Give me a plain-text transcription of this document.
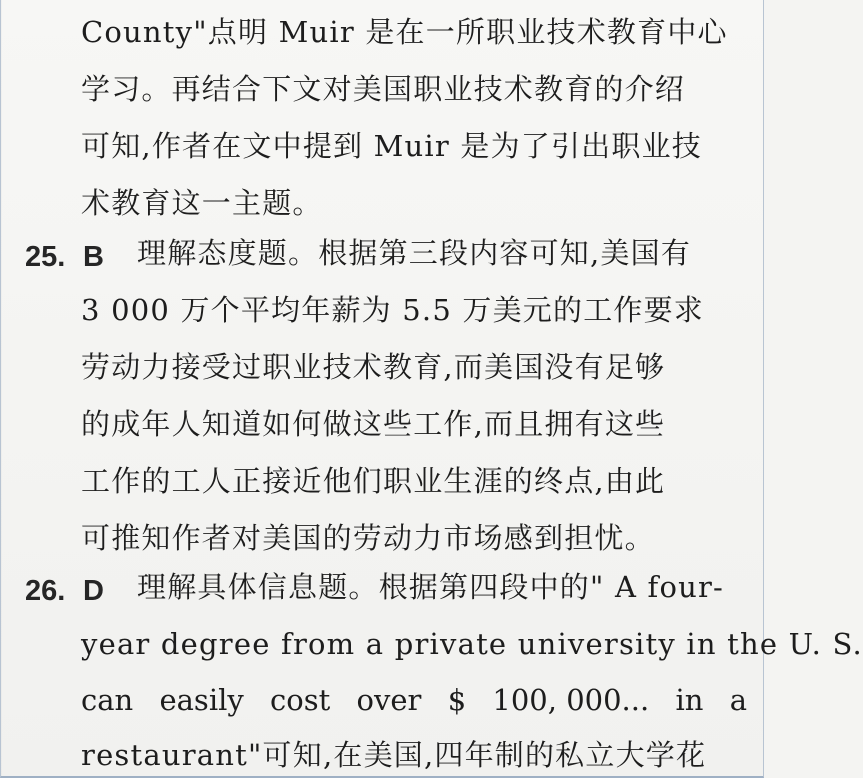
County"点明 Muir 是在一所职业技术教育中心
学习。再结合下文对美国职业技术教育的介绍
可知,作者在文中提到 Muir 是为了引出职业技
术教育这一主题。
25. B 理解态度题。根据第三段内容可知,美国有
3 000 万个平均年薪为 5.5 万美元的工作要求
劳动力接受过职业技术教育,而美国没有足够
的成年人知道如何做这些工作,而且拥有这些
工作的工人正接近他们职业生涯的终点,由此
可推知作者对美国的劳动力市场感到担忧。
26. D 理解具体信息题。根据第四段中的" A four-
year degree from a private university in the U. S.
can easily cost over $ 100, 000... in a
restaurant"可知,在美国,四年制的私立大学花
